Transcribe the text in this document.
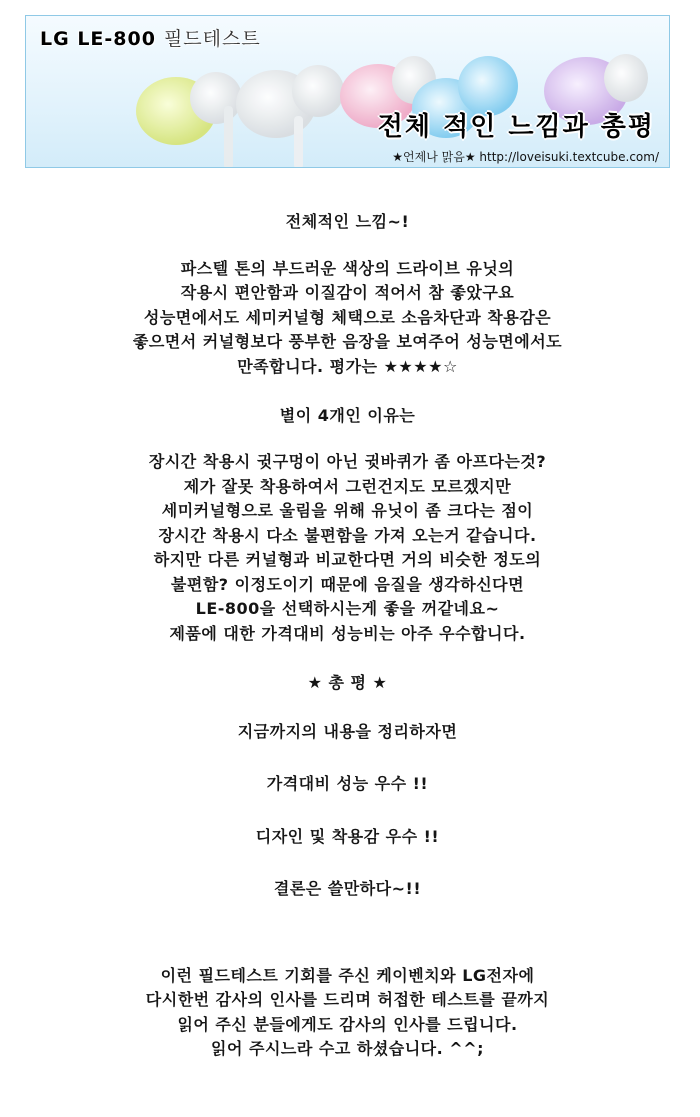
LG LE-800 필드테스트
전체 적인 느낌과 총평
★언제나 맑음★ http://loveisuki.textcube.com/
전체적인 느낌~!
파스텔 톤의 부드러운 색상의 드라이브 유닛의
작용시 편안함과 이질감이 적어서 참 좋았구요
성능면에서도 세미커널형 체택으로 소음차단과 착용감은
좋으면서 커널형보다 풍부한 음장을 보여주어 성능면에서도
만족합니다. 평가는 ★★★★☆
별이 4개인 이유는
장시간 착용시 귓구멍이 아닌 귓바퀴가 좀 아프다는것?
제가 잘못 착용하여서 그런건지도 모르겠지만
세미커널형으로 울림을 위해 유닛이 좀 크다는 점이
장시간 착용시 다소 불편함을 가져 오는거 같습니다.
하지만 다른 커널형과 비교한다면 거의 비슷한 정도의
불편함? 이정도이기 때문에 음질을 생각하신다면
LE-800을 선택하시는게 좋을 꺼같네요~
제품에 대한 가격대비 성능비는 아주 우수합니다.
★ 총 평 ★
지금까지의 내용을 정리하자면
가격대비 성능 우수 !!
디자인 및 착용감 우수 !!
결론은 쓸만하다~!!
이런 필드테스트 기회를 주신 케이벤치와 LG전자에
다시한번 감사의 인사를 드리며 허접한 테스트를 끝까지
읽어 주신 분들에게도 감사의 인사를 드립니다.
읽어 주시느라 수고 하셨습니다. ^^;
